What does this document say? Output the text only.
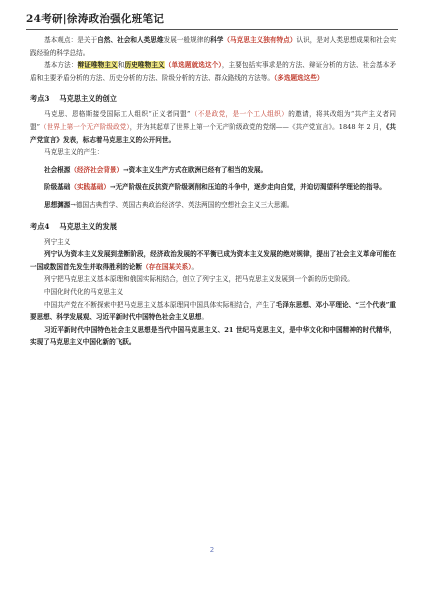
24考研|徐涛政治强化班笔记

基本观点：是关于自然、社会和人类思维发展一般规律的科学（马克思主义独有特点）认识，是对人类思想成果和社会实践经验的科学总结。

基本方法：辩证唯物主义和历史唯物主义（单选题就选这个），主要包括实事求是的方法、辩证分析的方法、社会基本矛盾和主要矛盾分析的方法、历史分析的方法、阶级分析的方法、群众路线的方法等。（多选题选这些）

考点3 马克思主义的创立

马克思、恩格斯接受国际工人组织“正义者同盟”（不是政党，是一个工人组织）的邀请，将其改组为“共产主义者同盟”（世界上第一个无产阶级政党），并为其起草了世界上第一个无产阶级政党的党纲——《共产党宣言》。1848 年 2 月，《共产党宣言》发表，标志着马克思主义的公开问世。

马克思主义的产生：

社会根源（经济社会背景）→资本主义生产方式在欧洲已经有了相当的发展。

阶级基础（实践基础）→无产阶级在反抗资产阶级剥削和压迫的斗争中，逐步走向自觉，并迫切渴望科学理论的指导。

思想渊源→德国古典哲学、英国古典政治经济学、英法两国的空想社会主义三大思潮。

考点4 马克思主义的发展

列宁主义

列宁认为资本主义发展到垄断阶段，经济政治发展的不平衡已成为资本主义发展的绝对规律，提出了社会主义革命可能在一国或数国首先发生并取得胜利的论断（存在国某关系）。

列宁把马克思主义基本原理和俄国实际相结合，创立了列宁主义，把马克思主义发展到一个新的历史阶段。

中国化时代化的马克思主义

中国共产党在不断探索中把马克思主义基本原理同中国具体实际相结合，产生了毛泽东思想、邓小平理论、“三个代表”重要思想、科学发展观、习近平新时代中国特色社会主义思想。

习近平新时代中国特色社会主义思想是当代中国马克思主义、21 世纪马克思主义，是中华文化和中国精神的时代精华，实现了马克思主义中国化新的飞跃。

2
